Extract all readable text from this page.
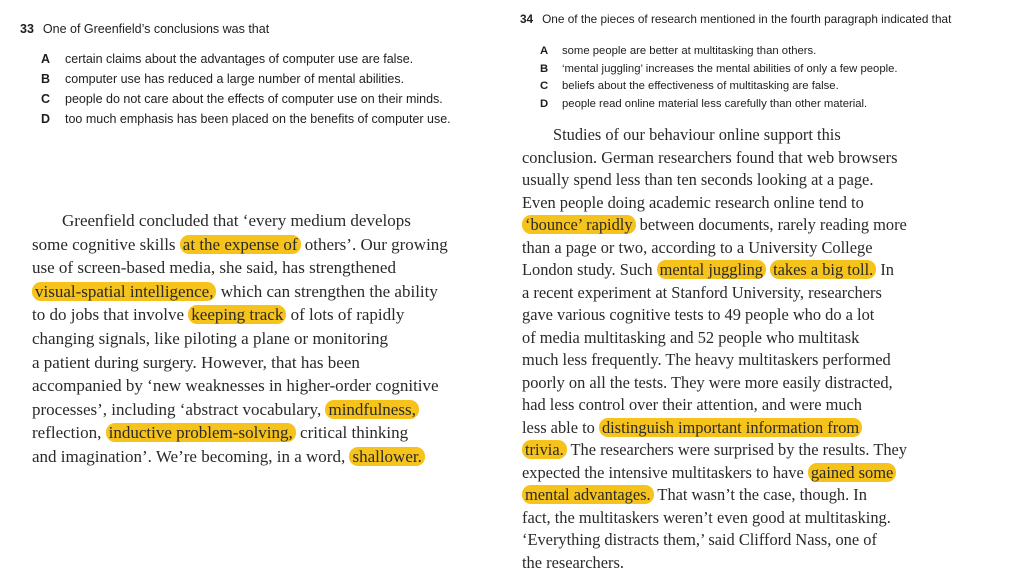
33 One of Greenfield’s conclusions was that
A	certain claims about the advantages of computer use are false.
B	computer use has reduced a large number of mental abilities.
C	people do not care about the effects of computer use on their minds.
D	too much emphasis has been placed on the benefits of computer use.
Greenfield concluded that ‘every medium develops
some cognitive skills at the expense of others’. Our growing
use of screen-based media, she said, has strengthened
visual-spatial intelligence, which can strengthen the ability
to do jobs that involve keeping track of lots of rapidly
changing signals, like piloting a plane or monitoring
a patient during surgery. However, that has been
accompanied by ‘new weaknesses in higher-order cognitive
processes’, including ‘abstract vocabulary, mindfulness,
reflection, inductive problem-solving, critical thinking
and imagination’. We’re becoming, in a word, shallower.
34 One of the pieces of research mentioned in the fourth paragraph indicated that
A	some people are better at multitasking than others.
B	‘mental juggling’ increases the mental abilities of only a few people.
C	beliefs about the effectiveness of multitasking are false.
D	people read online material less carefully than other material.
Studies of our behaviour online support this
conclusion. German researchers found that web browsers
usually spend less than ten seconds looking at a page.
Even people doing academic research online tend to
‘bounce’ rapidly between documents, rarely reading more
than a page or two, according to a University College
London study. Such mental juggling takes a big toll. In
a recent experiment at Stanford University, researchers
gave various cognitive tests to 49 people who do a lot
of media multitasking and 52 people who multitask
much less frequently. The heavy multitaskers performed
poorly on all the tests. They were more easily distracted,
had less control over their attention, and were much
less able to distinguish important information from
trivia. The researchers were surprised by the results. They
expected the intensive multitaskers to have gained some
mental advantages. That wasn’t the case, though. In
fact, the multitaskers weren’t even good at multitasking.
‘Everything distracts them,’ said Clifford Nass, one of
the researchers.
